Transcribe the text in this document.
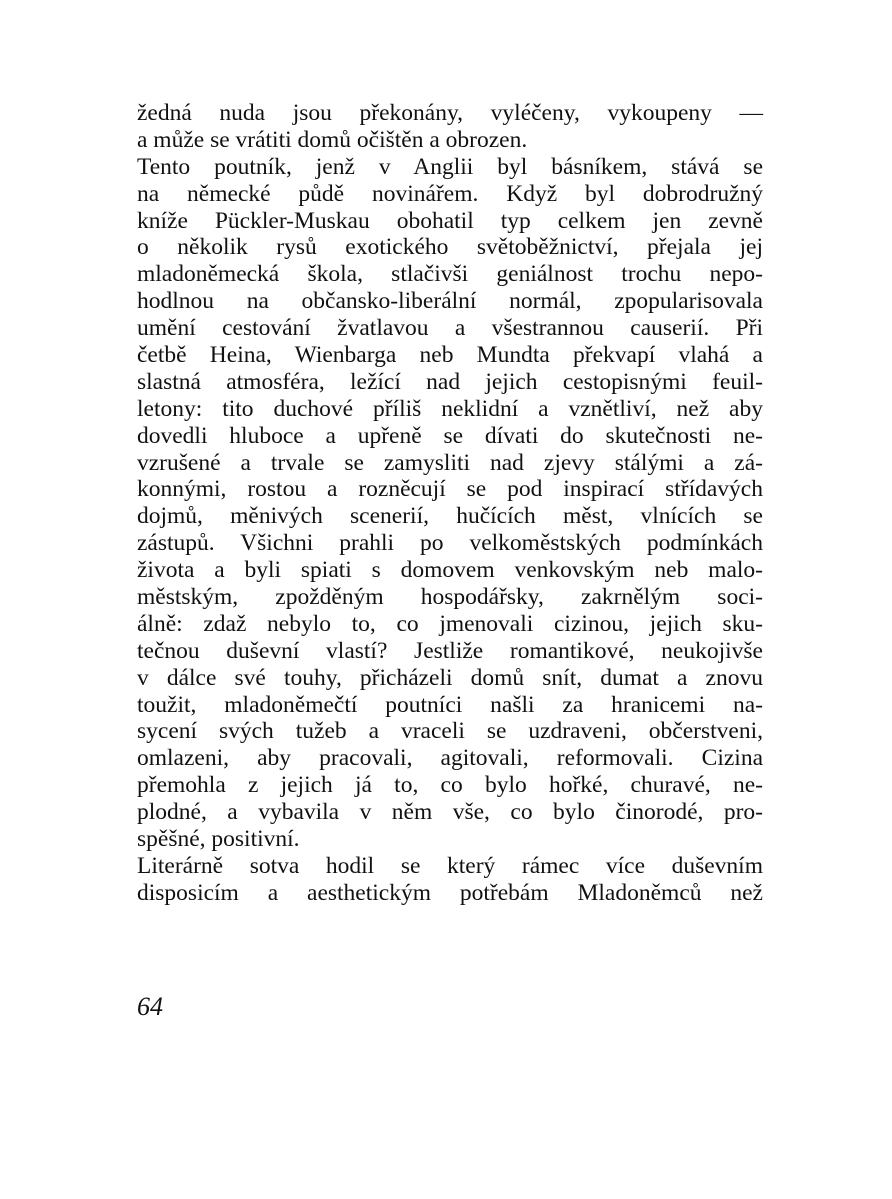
žedná nuda jsou překonány, vyléčeny, vykoupeny —
a může se vrátiti domů očištěn a obrozen.
Tento poutník, jenž v Anglii byl básníkem, stává se
na německé půdě novinářem. Když byl dobrodružný
kníže Pückler-Muskau obohatil typ celkem jen zevně
o několik rysů exotického světoběžnictví, přejala jej
mladoněmecká škola, stlačivši geniálnost trochu nepo-
hodlnou na občansko-liberální normál, zpopularisovala
umění cestování žvatlavou a všestrannou causerií. Při
četbě Heina, Wienbarga neb Mundta překvapí vlahá a
slastná atmosféra, ležící nad jejich cestopisnými feuil-
letony: tito duchové příliš neklidní a vznětliví, než aby
dovedli hluboce a upřeně se dívati do skutečnosti ne-
vzrušené a trvale se zamysliti nad zjevy stálými a zá-
konnými, rostou a rozněcují se pod inspirací střídavých
dojmů, měnivých scenerií, hučících měst, vlnících se
zástupů. Všichni prahli po velkoměstských podmínkách
života a byli spiati s domovem venkovským neb malo-
městským, zpožděným hospodářsky, zakrnělým soci-
álně: zdaž nebylo to, co jmenovali cizinou, jejich sku-
tečnou duševní vlastí? Jestliže romantikové, neukojivše
v dálce své touhy, přicházeli domů snít, dumat a znovu
toužit, mladoněmečtí poutníci našli za hranicemi na-
sycení svých tužeb a vraceli se uzdraveni, občerstveni,
omlazeni, aby pracovali, agitovali, reformovali. Cizina
přemohla z jejich já to, co bylo hořké, churavé, ne-
plodné, a vybavila v něm vše, co bylo činorodé, pro-
spěšné, positivní.
Literárně sotva hodil se který rámec více duševním
disposicím a aesthetickým potřebám Mladoněmců než
64
